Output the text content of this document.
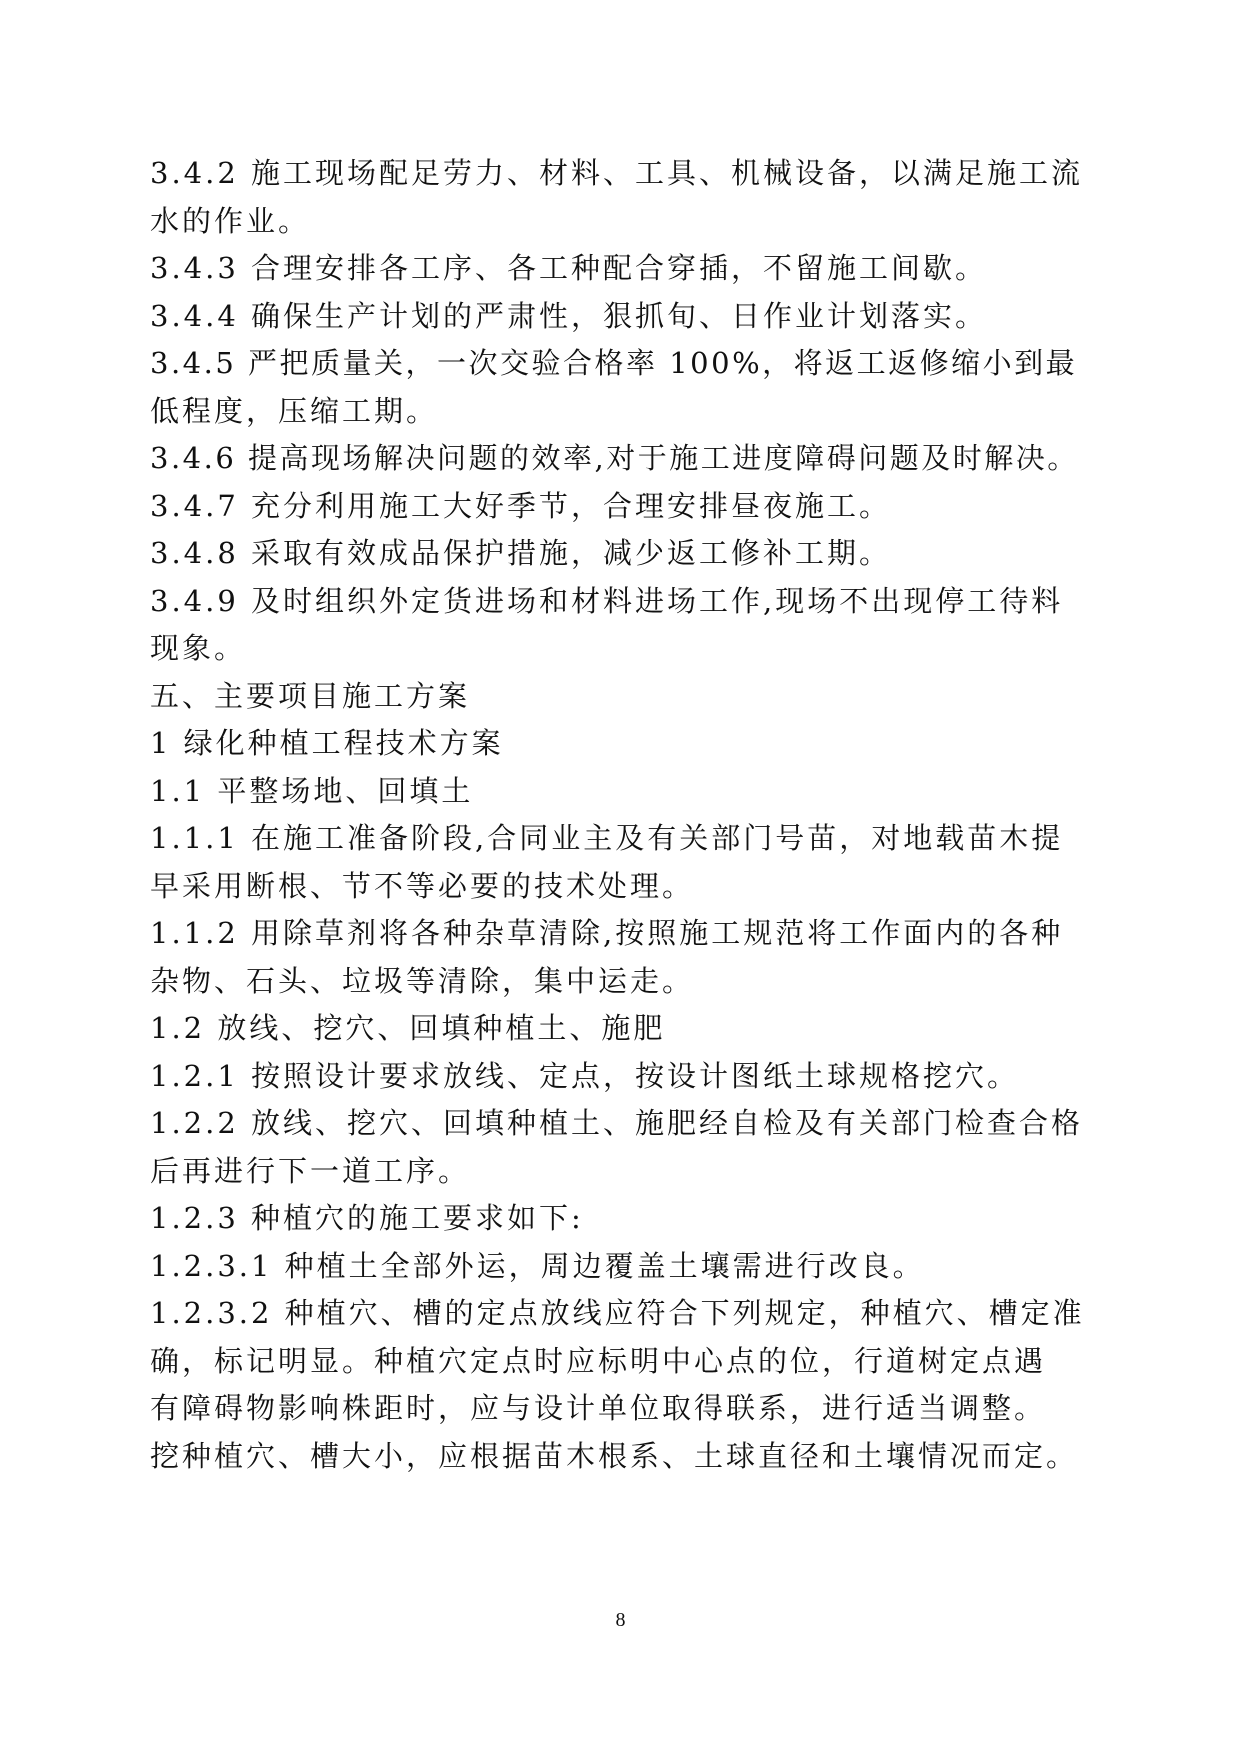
3.4.2 施工现场配足劳力、材料、工具、机械设备，以满足施工流
水的作业。
3.4.3 合理安排各工序、各工种配合穿插，不留施工间歇。
3.4.4 确保生产计划的严肃性，狠抓旬、日作业计划落实。
3.4.5 严把质量关，一次交验合格率 100%，将返工返修缩小到最
低程度，压缩工期。
3.4.6 提高现场解决问题的效率,对于施工进度障碍问题及时解决。
3.4.7 充分利用施工大好季节，合理安排昼夜施工。
3.4.8 采取有效成品保护措施，减少返工修补工期。
3.4.9 及时组织外定货进场和材料进场工作,现场不出现停工待料
现象。
五、主要项目施工方案
1 绿化种植工程技术方案
1.1 平整场地、回填土
1.1.1 在施工准备阶段,合同业主及有关部门号苗，对地载苗木提
早采用断根、节不等必要的技术处理。
1.1.2 用除草剂将各种杂草清除,按照施工规范将工作面内的各种
杂物、石头、垃圾等清除，集中运走。
1.2 放线、挖穴、回填种植土、施肥
1.2.1 按照设计要求放线、定点，按设计图纸土球规格挖穴。
1.2.2 放线、挖穴、回填种植土、施肥经自检及有关部门检查合格
后再进行下一道工序。
1.2.3 种植穴的施工要求如下:
1.2.3.1 种植土全部外运，周边覆盖土壤需进行改良。
1.2.3.2 种植穴、槽的定点放线应符合下列规定，种植穴、槽定准
确，标记明显。种植穴定点时应标明中心点的位，行道树定点遇
有障碍物影响株距时，应与设计单位取得联系，进行适当调整。
挖种植穴、槽大小，应根据苗木根系、土球直径和土壤情况而定。
8
